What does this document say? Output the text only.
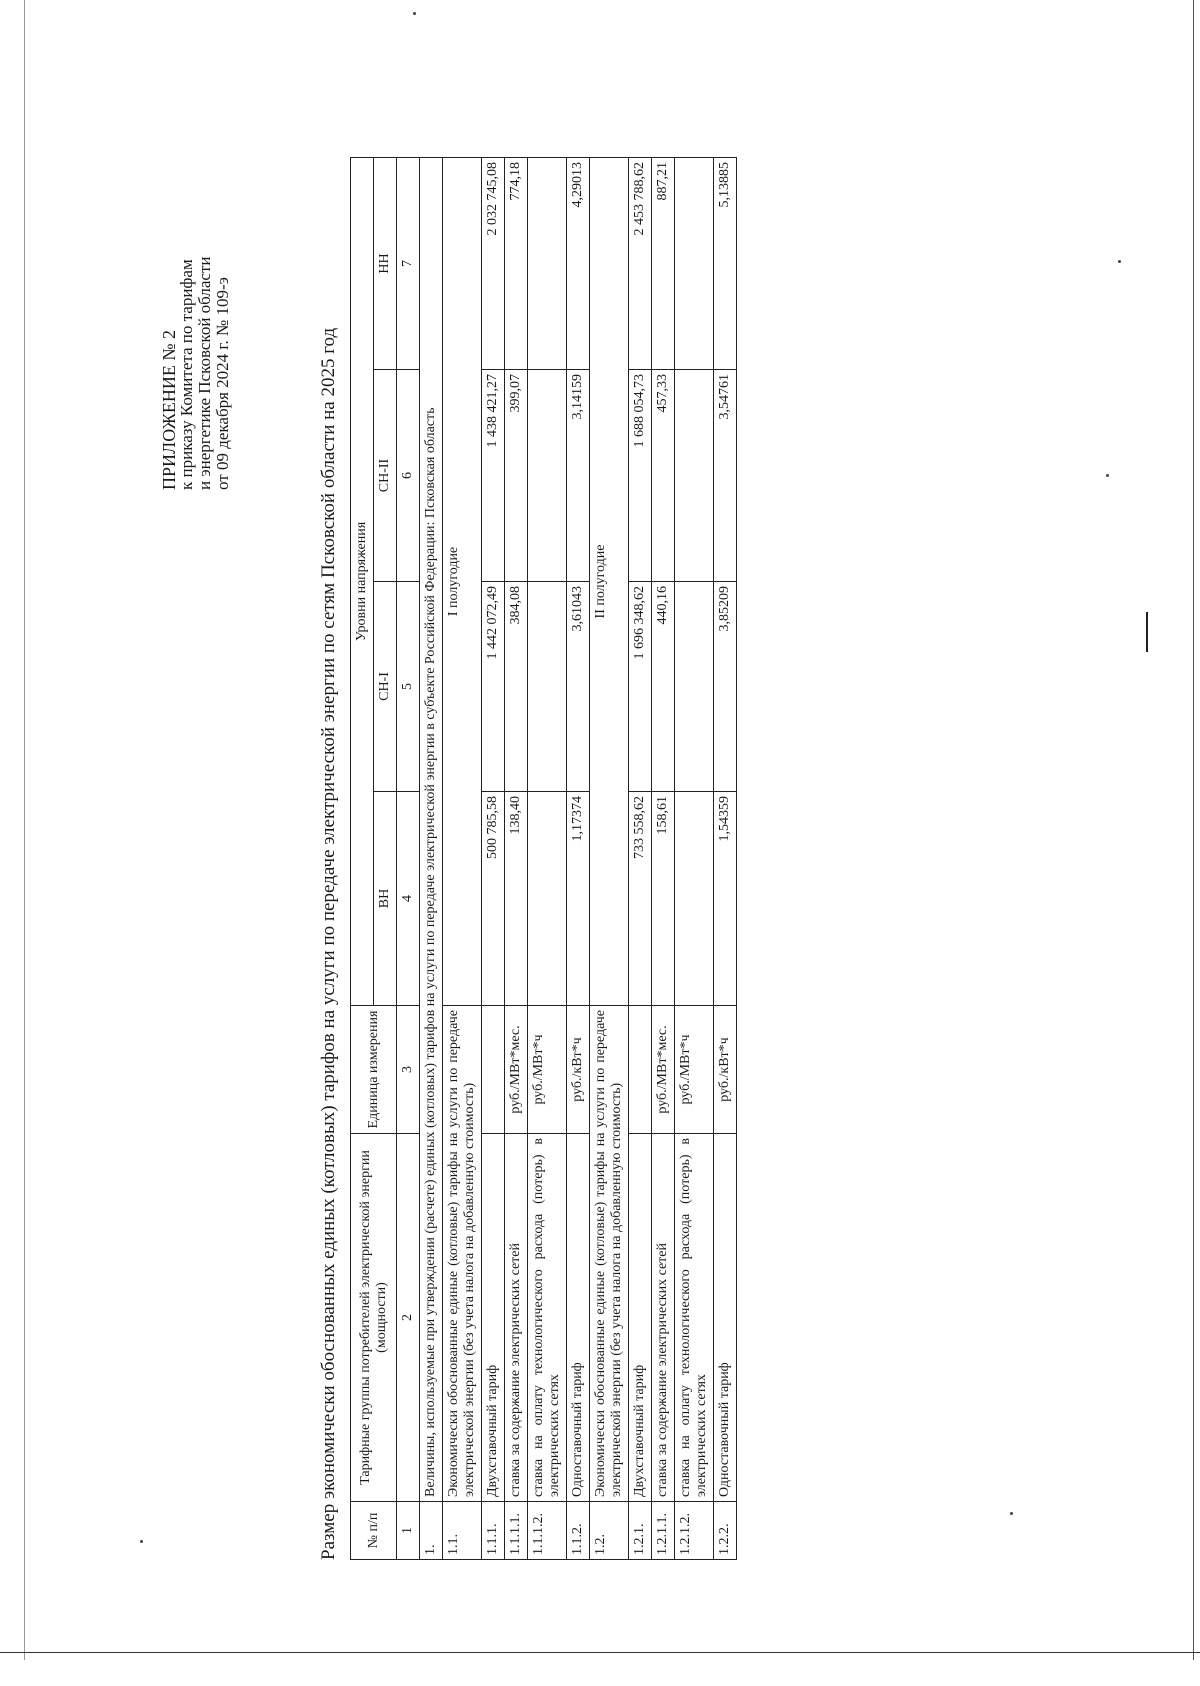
ПРИЛОЖЕНИЕ № 2
к приказу Комитета по тарифам и энергетике Псковской области от 09 декабря 2024 г. № 109-э	Размер экономически обоснованных единых (котловых) тарифов на услуги по передаче электрической энергии по сетям Псковской области на 2025 год № п/п	Тарифные группы потребителей электрической энергии (мощности)	Единица измерения	Уровни напряжения			
			ВН	СН-I	СН-II	НН
1	2	3	4	5	6	7
1.	Величины, используемые при утверждении (расчете) единых (котловых) тарифов на услуги по передаче электрической энергии в субъекте Российской Федерации: Псковская область					
1.1.	Экономически обоснованные единые (котловые) тарифы на услуги по передаче электрической энергии (без учета налога на добавленную стоимость)		I полугодие			
1.1.1.	Двухставочный тариф		500 785,58	1 442 072,49	1 438 421,27	2 032 745,08
1.1.1.1.	ставка за содержание электрических сетей	руб./МВт*мес.	138,40	384,08	399,07	774,18
1.1.1.2.	ставка на оплату технологического расхода (потерь) в электрических сетях	руб./МВт*ч				
1.1.2.	Одноставочный тариф	руб./кВт*ч	1,17374	3,61043	3,14159	4,29013
1.2.	Экономически обоснованные единые (котловые) тарифы на услуги по передаче электрической энергии (без учета налога на добавленную стоимость)		II полугодие			
1.2.1.	Двухставочный тариф		733 558,62	1 696 348,62	1 688 054,73	2 453 788,62
1.2.1.1.	ставка за содержание электрических сетей	руб./МВт*мес.	158,61	440,16	457,33	887,21
1.2.1.2.	ставка на оплату технологического расхода (потерь) в электрических сетях	руб./МВт*ч				
1.2.2.	Одноставочный тариф	руб./кВт*ч	1,54359	3,85209	3,54761	5,13885
